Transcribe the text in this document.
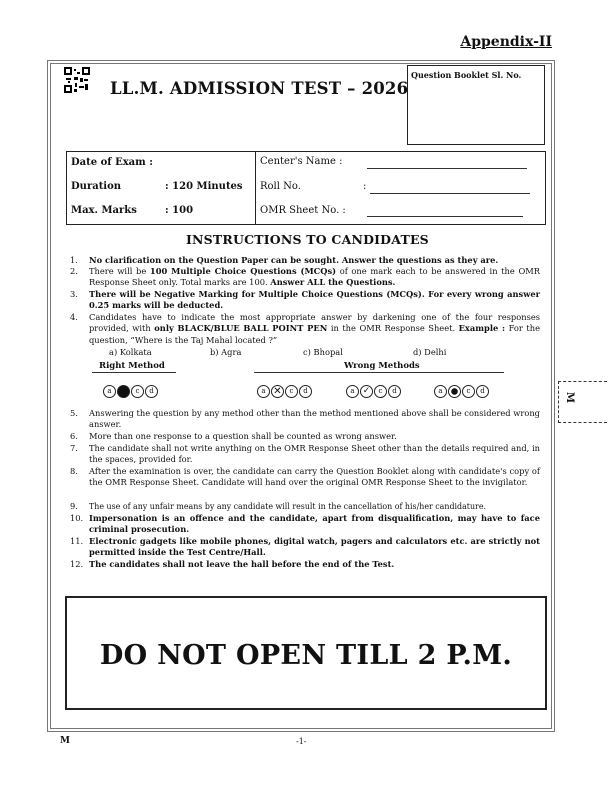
Appendix-II
LL.M. ADMISSION TEST – 2026
Question Booklet Sl. No.
Date of Exam :
Duration	: 120 Minutes
Max. Marks	: 100
Center's Name :
Roll No.	:
OMR Sheet No. :
INSTRUCTIONS TO CANDIDATES
1. No clarification on the Question Paper can be sought. Answer the questions as they are.
2. There will be 100 Multiple Choice Questions (MCQs) of one mark each to be answered in the OMR Response Sheet only. Total marks are 100. Answer ALL the Questions.
3. There will be Negative Marking for Multiple Choice Questions (MCQs). For every wrong answer 0.25 marks will be deducted.
4. Candidates have to indicate the most appropriate answer by darkening one of the four responses provided, with only BLACK/BLUE BALL POINT PEN in the OMR Response Sheet. Example : For the question, “Where is the Taj Mahal located ?”
a) Kolkata	b) Agra	c) Bhopal	d) Delhi
Right Method	Wrong Methods
a	c d	a ✕ c d	a ✓ c d	a	c d
5. Answering the question by any method other than the method mentioned above shall be considered wrong answer.
6. More than one response to a question shall be counted as wrong answer.
7. The candidate shall not write anything on the OMR Response Sheet other than the details required and, in the spaces, provided for.
8. After the examination is over, the candidate can carry the Question Booklet along with candidate's copy of the OMR Response Sheet. Candidate will hand over the original OMR Response Sheet to the invigilator.
9. The use of any unfair means by any candidate will result in the cancellation of his/her candidature.
10. Impersonation is an offence and the candidate, apart from disqualification, may have to face criminal prosecution.
11. Electronic gadgets like mobile phones, digital watch, pagers and calculators etc. are strictly not permitted inside the Test Centre/Hall.
12. The candidates shall not leave the hall before the end of the Test.
DO NOT OPEN TILL 2 P.M.
M	-1-
M
